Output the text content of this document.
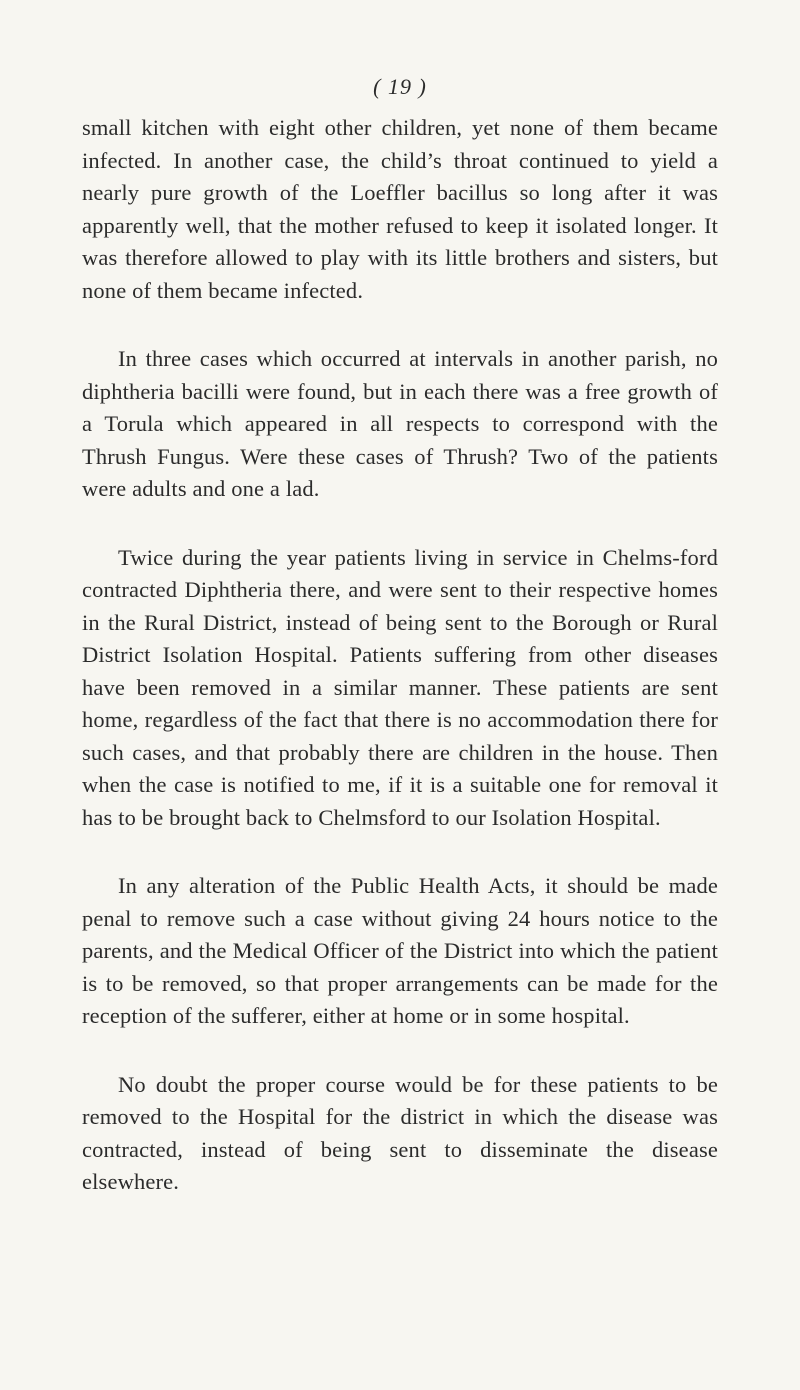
( 19 )

small kitchen with eight other children, yet none of them became infected. In another case, the child’s throat continued to yield a nearly pure growth of the Loeffler bacillus so long after it was apparently well, that the mother refused to keep it isolated longer. It was therefore allowed to play with its little brothers and sisters, but none of them became infected.

In three cases which occurred at intervals in another parish, no diphtheria bacilli were found, but in each there was a free growth of a Torula which appeared in all respects to correspond with the Thrush Fungus. Were these cases of Thrush? Two of the patients were adults and one a lad.

Twice during the year patients living in service in Chelms-ford contracted Diphtheria there, and were sent to their respective homes in the Rural District, instead of being sent to the Borough or Rural District Isolation Hospital. Patients suffering from other diseases have been removed in a similar manner. These patients are sent home, regardless of the fact that there is no accommodation there for such cases, and that probably there are children in the house. Then when the case is notified to me, if it is a suitable one for removal it has to be brought back to Chelmsford to our Isolation Hospital.

In any alteration of the Public Health Acts, it should be made penal to remove such a case without giving 24 hours notice to the parents, and the Medical Officer of the District into which the patient is to be removed, so that proper arrangements can be made for the reception of the sufferer, either at home or in some hospital.

No doubt the proper course would be for these patients to be removed to the Hospital for the district in which the disease was contracted, instead of being sent to disseminate the disease elsewhere.
